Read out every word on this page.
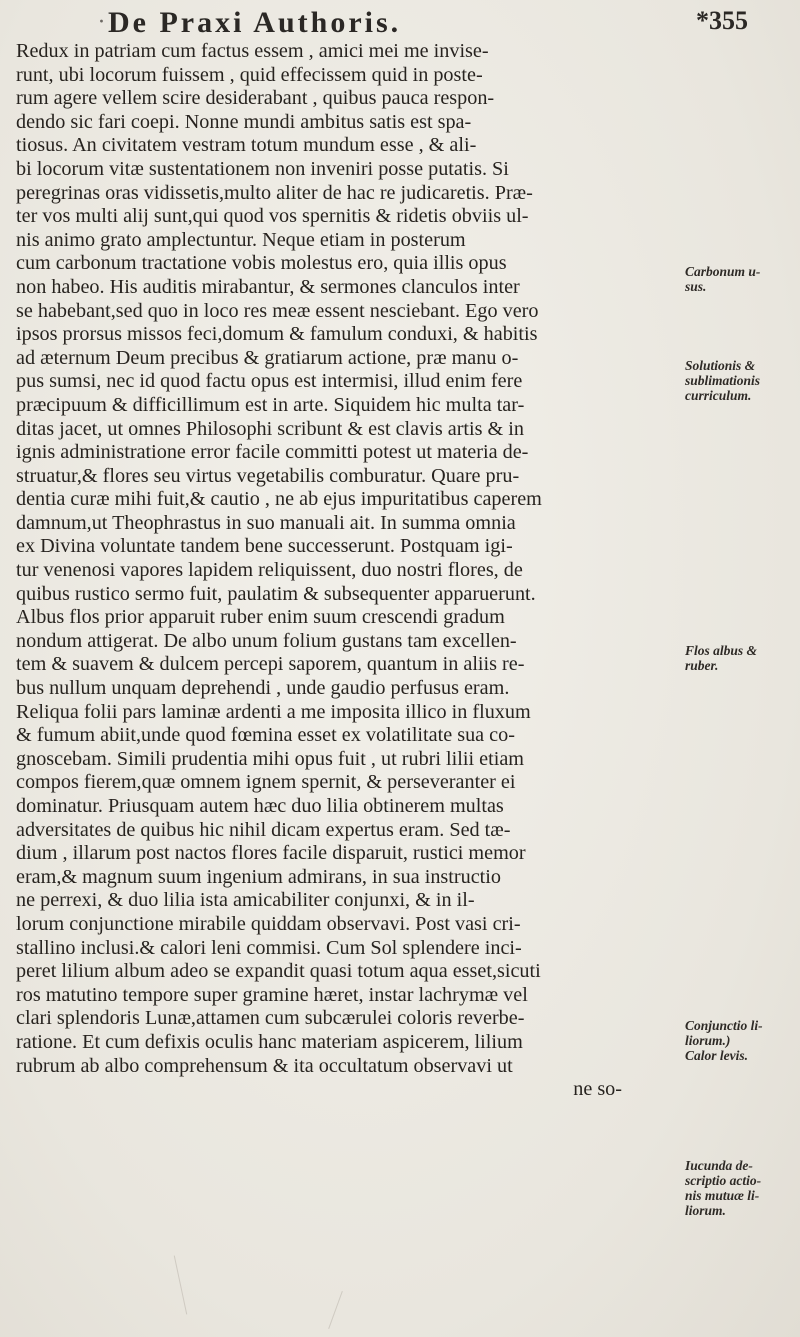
· De Praxi Authoris.	*355
Redux in patriam cum factus essem , amici mei me invise-
runt, ubi locorum fuissem , quid effecissem quid in poste-
rum agere vellem scire desiderabant , quibus pauca respon-
dendo sic fari coepi. Nonne mundi ambitus satis est spa-
tiosus. An civitatem vestram totum mundum esse , & ali-
bi locorum vitæ sustentationem non inveniri posse putatis. Si
peregrinas oras vidissetis,multo aliter de hac re judicaretis. Præ-
ter vos multi alij sunt,qui quod vos spernitis & ridetis obviis ul-
nis animo grato amplectuntur. Neque etiam in posterum
cum carbonum tractatione vobis molestus ero, quia illis opus
non habeo. His auditis mirabantur, & sermones clanculos inter
se habebant,sed quo in loco res meæ essent nesciebant. Ego vero
ipsos prorsus missos feci,domum & famulum conduxi, & habitis
ad æternum Deum precibus & gratiarum actione, præ manu o-
pus sumsi, nec id quod factu opus est intermisi, illud enim fere
præcipuum & difficillimum est in arte. Siquidem hic multa tar-
ditas jacet, ut omnes Philosophi scribunt & est clavis artis & in
ignis administratione error facile committi potest ut materia de-
struatur,& flores seu virtus vegetabilis comburatur. Quare pru-
dentia curæ mihi fuit,& cautio , ne ab ejus impuritatibus caperem
damnum,ut Theophrastus in suo manuali ait. In summa omnia
ex Divina voluntate tandem bene successerunt. Postquam igi-
tur venenosi vapores lapidem reliquissent, duo nostri flores, de
quibus rustico sermo fuit, paulatim & subsequenter apparuerunt.
Albus flos prior apparuit ruber enim suum crescendi gradum
nondum attigerat. De albo unum folium gustans tam excellen-
tem & suavem & dulcem percepi saporem, quantum in aliis re-
bus nullum unquam deprehendi , unde gaudio perfusus eram.
Reliqua folii pars laminæ ardenti a me imposita illico in fluxum
& fumum abiit,unde quod fœmina esset ex volatilitate sua co-
gnoscebam. Simili prudentia mihi opus fuit , ut rubri lilii etiam
compos fierem,quæ omnem ignem spernit, & perseveranter ei
dominatur. Priusquam autem hæc duo lilia obtinerem multas
adversitates de quibus hic nihil dicam expertus eram. Sed tæ-
dium , illarum post nactos flores facile disparuit, rustici memor
eram,& magnum suum ingenium admirans, in sua instructio
ne perrexi, & duo lilia ista amicabiliter conjunxi, & in il-
lorum conjunctione mirabile quiddam observavi. Post vasi cri-
stallino inclusi.& calori leni commisi. Cum Sol splendere inci-
peret lilium album adeo se expandit quasi totum aqua esset,sicuti
ros matutino tempore super gramine hæret, instar lachrymæ vel
clari splendoris Lunæ,attamen cum subcærulei coloris reverbe-
ratione. Et cum defixis oculis hanc materiam aspicerem, lilium
rubrum ab albo comprehensum & ita occultatum observavi ut
ne so-
Carbonum u-
sus.
Solutionis &
sublimationis
curriculum.
Flos albus &
ruber.
Conjunctio li-
liorum.)
Calor levis.
Iucunda de-
scriptio actio-
nis mutuæ li-
liorum.
